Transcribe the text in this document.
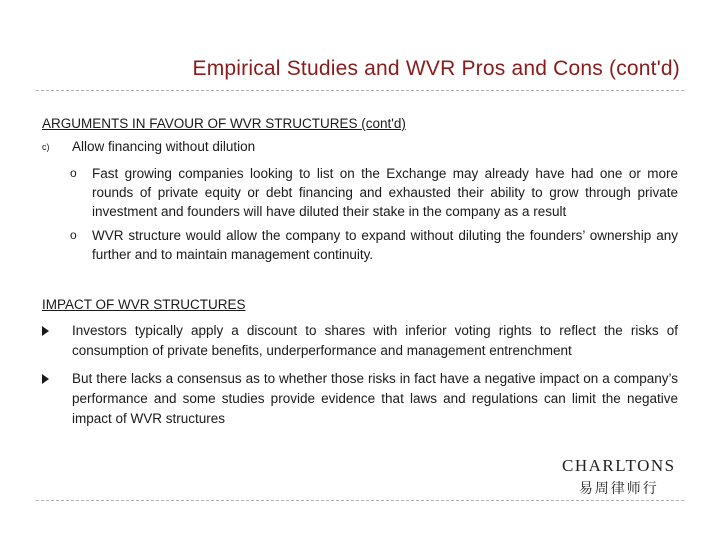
Empirical Studies and WVR Pros and Cons (cont'd)
ARGUMENTS IN FAVOUR OF WVR STRUCTURES (cont'd)
c) Allow financing without dilution
o Fast growing companies looking to list on the Exchange may already have had one or more rounds of private equity or debt financing and exhausted their ability to grow through private investment and founders will have diluted their stake in the company as a result
o WVR structure would allow the company to expand without diluting the founders’ ownership any further and to maintain management continuity.
IMPACT OF WVR STRUCTURES
Investors typically apply a discount to shares with inferior voting rights to reflect the risks of consumption of private benefits, underperformance and management entrenchment
But there lacks a consensus as to whether those risks in fact have a negative impact on a company’s performance and some studies provide evidence that laws and regulations can limit the negative impact of WVR structures
CHARLTONS
易周律师行
